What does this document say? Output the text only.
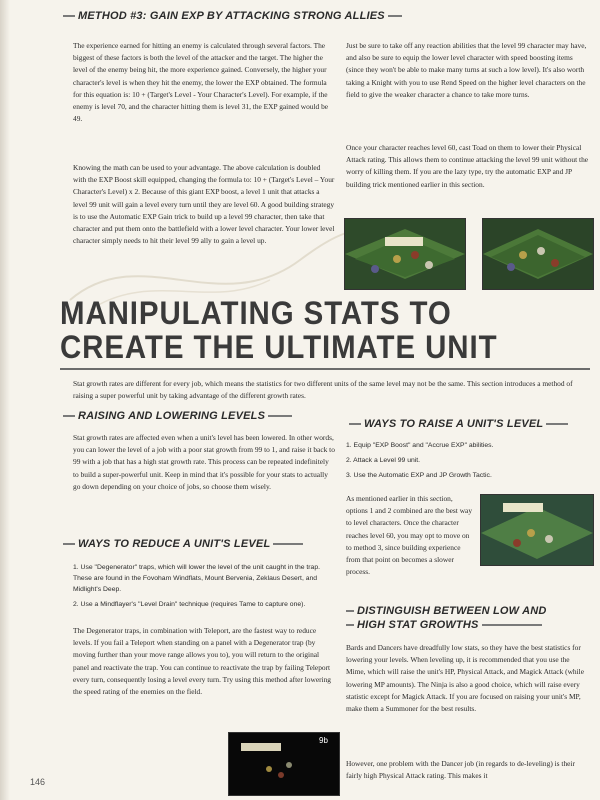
METHOD #3: GAIN EXP BY ATTACKING STRONG ALLIES
The experience earned for hitting an enemy is calculated through several factors. The biggest of these factors is both the level of the attacker and the target. The higher the level of the enemy being hit, the more experience gained. Conversely, the higher your character's level is when they hit the enemy, the lower the EXP obtained. The formula for this equation is: 10 + (Target's Level - Your Character's Level). For example, if the enemy is level 70, and the character hitting them is level 31, the EXP gained would be 49.
Knowing the math can be used to your advantage. The above calculation is doubled with the EXP Boost skill equipped, changing the formula to: 10 + (Target's Level – Your Character's Level) x 2. Because of this giant EXP boost, a level 1 unit that attacks a level 99 unit will gain a level every turn until they are level 60. A good building strategy is to use the Automatic EXP Gain trick to build up a level 99 character, then take that character and put them onto the battlefield with a lower level character. Your lower level character simply needs to hit their level 99 ally to gain a level up.
Just be sure to take off any reaction abilities that the level 99 character may have, and also be sure to equip the lower level character with speed boosting items (since they won't be able to make many turns at such a low level). It's also worth taking a Knight with you to use Rend Speed on the higher level characters on the field to give the weaker character a chance to take more turns.
Once your character reaches level 60, cast Toad on them to lower their Physical Attack rating. This allows them to continue attacking the level 99 unit without the worry of killing them. If you are the lazy type, try the automatic EXP and JP building trick mentioned earlier in this section.
MANIPULATING STATS TO
CREATE THE ULTIMATE UNIT
Stat growth rates are different for every job, which means the statistics for two different units of the same level may not be the same. This section introduces a method of raising a super powerful unit by taking advantage of the different growth rates.
RAISING AND LOWERING LEVELS
Stat growth rates are affected even when a unit's level has been lowered. In other words, you can lower the level of a job with a poor stat growth from 99 to 1, and raise it back to 99 with a job that has a high stat growth rate. This process can be repeated indefinitely to build a super-powerful unit. Keep in mind that it's possible for your stats to actually go down depending on your choice of jobs, so choose them wisely.
WAYS TO REDUCE A UNIT'S LEVEL
1. Use "Degenerator" traps, which will lower the level of the unit caught in the trap. These are found in the Fovoham Windflats, Mount Bervenia, Zeklaus Desert, and Midlight's Deep.
2. Use a Mindflayer's "Level Drain" technique (requires Tame to capture one).
The Degenerator traps, in combination with Teleport, are the fastest way to reduce levels. If you fail a Teleport when standing on a panel with a Degenerator trap (by moving further than your move range allows you to), you will return to the original panel and reactivate the trap. You can continue to reactivate the trap by failing Teleport every turn, consequently losing a level every turn. Try using this method after lowering the speed rating of the enemies on the field.
9b
146
WAYS TO RAISE A UNIT'S LEVEL
1. Equip "EXP Boost" and "Accrue EXP" abilities.
2. Attack a Level 99 unit.
3. Use the Automatic EXP and JP Growth Tactic.
As mentioned earlier in this section, options 1 and 2 combined are the best way to level characters. Once the character reaches level 60, you may opt to move on to method 3, since building experience from that point on becomes a slower process.
DISTINGUISH BETWEEN LOW AND
HIGH STAT GROWTHS
Bards and Dancers have dreadfully low stats, so they have the best statistics for lowering your levels. When leveling up, it is recommended that you use the Mime, which will raise the unit's HP, Physical Attack, and Magick Attack (while lowering MP amounts). The Ninja is also a good choice, which will raise every statistic except for Magick Attack. If you are focused on raising your unit's MP, make them a Summoner for the best results.
However, one problem with the Dancer job (in regards to de-leveling) is their fairly high Physical Attack rating. This makes it
